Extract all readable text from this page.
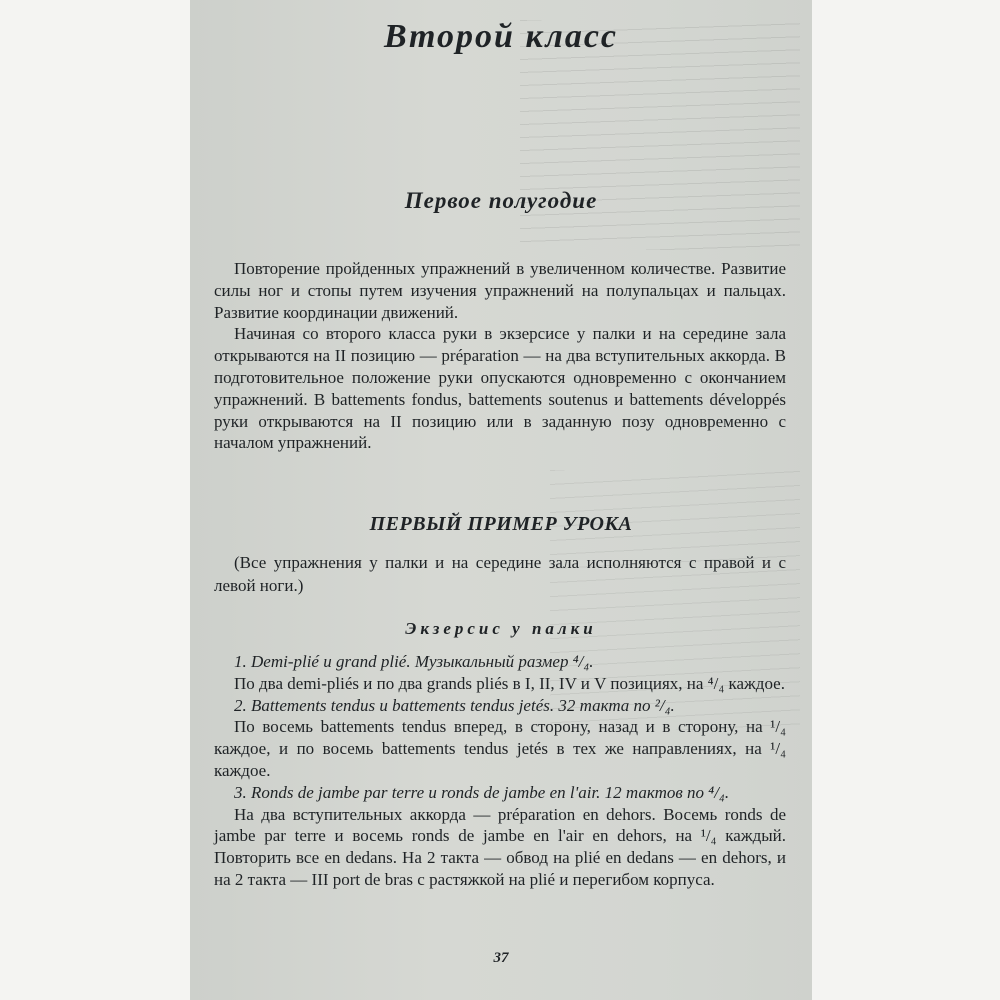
Второй класс
Первое полугодие

Повторение пройденных упражнений в увеличенном количестве. Развитие силы ног и стопы путем изучения упражнений на полупальцах и пальцах. Развитие координации движений.

Начиная со второго класса руки в экзерсисе у палки и на середине зала открываются на II позицию — préparation — на два вступительных аккорда. В подготовительное положение руки опускаются одновременно с окончанием упражнений. В battements fondus, battements soutenus и battements développés руки открываются на II позицию или в заданную позу одновременно с началом упражнений.

ПЕРВЫЙ ПРИМЕР УРОКА

(Все упражнения у палки и на середине зала исполняются с правой и с левой ноги.)

Экзерсис у палки

1. Demi-plié и grand plié. Музыкальный размер ⁴/₄.

По два demi-pliés и по два grands pliés в I, II, IV и V позициях, на ⁴/₄ каждое.

2. Battements tendus и battements tendus jetés. 32 такта по ²/₄.

По восемь battements tendus вперед, в сторону, назад и в сторону, на ¹/₄ каждое, и по восемь battements tendus jetés в тех же направлениях, на ¹/₄ каждое.

3. Ronds de jambe par terre и ronds de jambe en l'air. 12 тактов по ⁴/₄.

На два вступительных аккорда — préparation en dehors. Восемь ronds de jambe par terre и восемь ronds de jambe en l'air en dehors, на ¹/₄ каждый. Повторить все en dedans. На 2 такта — обвод на plié en dedans — en dehors, и на 2 такта — III port de bras с растяжкой на plié и перегибом корпуса.

37
